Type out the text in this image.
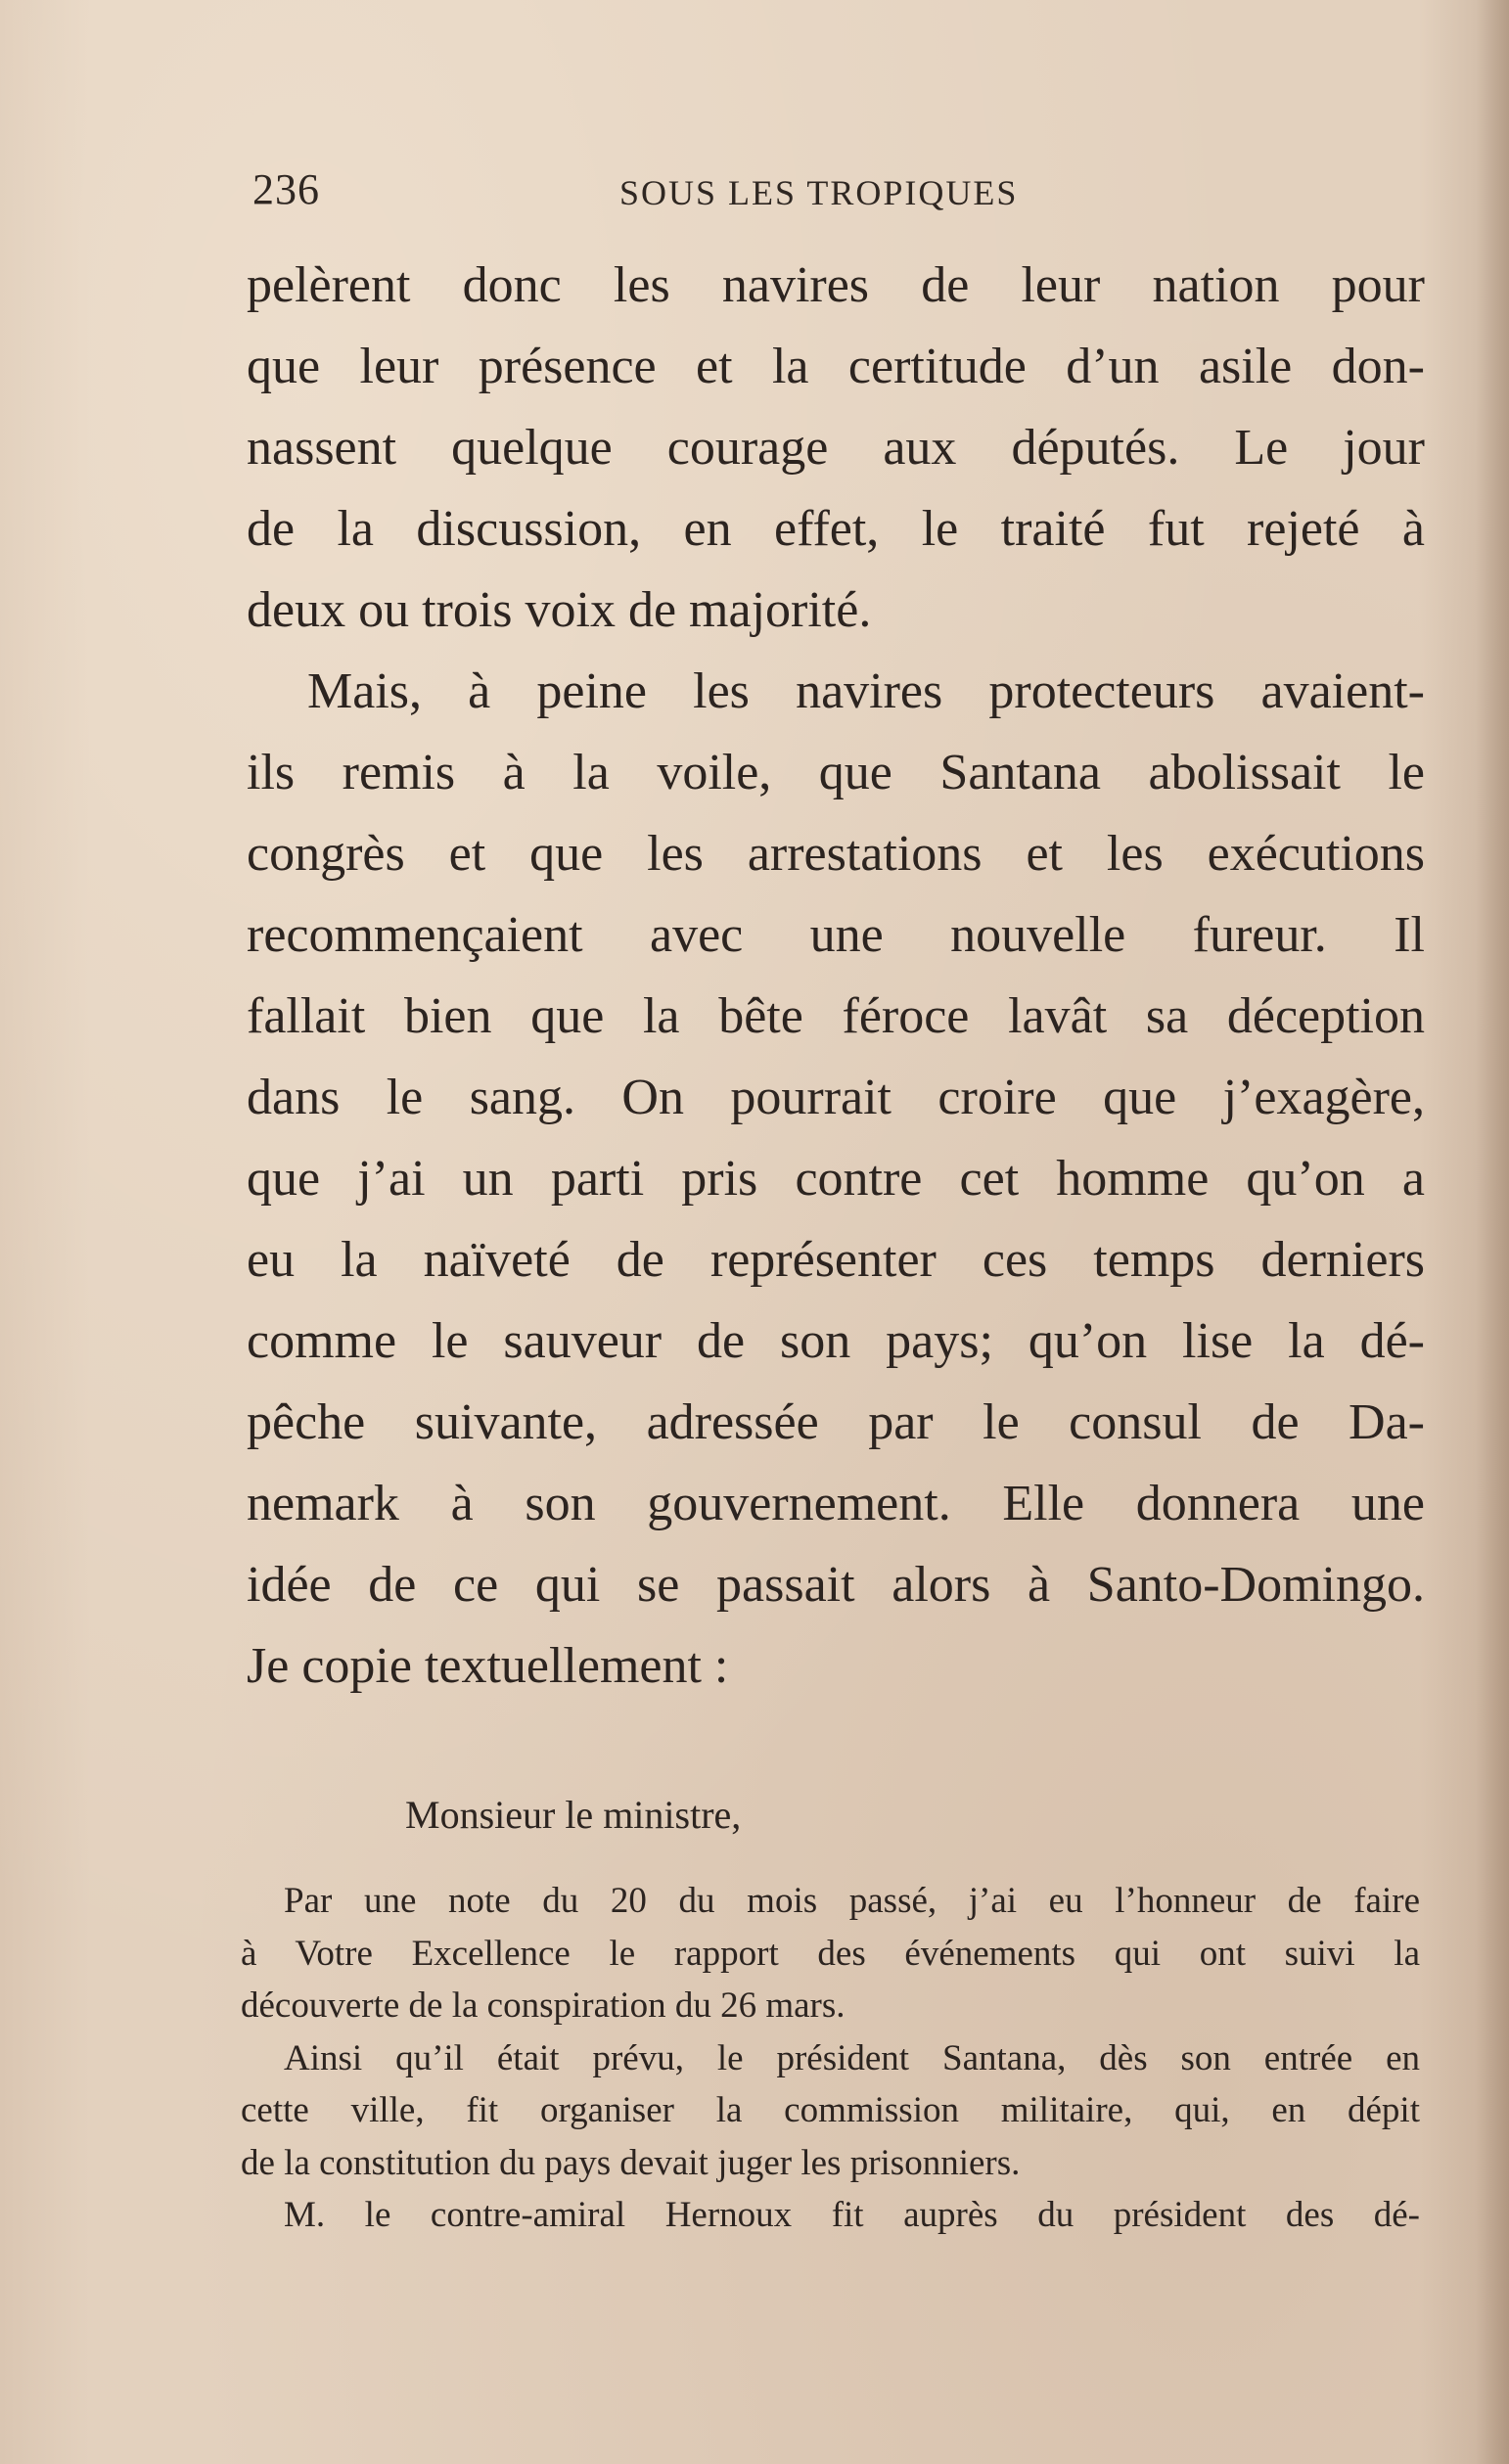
236	SOUS LES TROPIQUES
pelèrent donc les navires de leur nation pour
que leur présence et la certitude d’un asile don-
nassent quelque courage aux députés. Le jour
de la discussion, en effet, le traité fut rejeté à
deux ou trois voix de majorité.
Mais, à peine les navires protecteurs avaient-
ils remis à la voile, que Santana abolissait le
congrès et que les arrestations et les exécutions
recommençaient avec une nouvelle fureur. Il
fallait bien que la bête féroce lavât sa déception
dans le sang. On pourrait croire que j’exagère,
que j’ai un parti pris contre cet homme qu’on a
eu la naïveté de représenter ces temps derniers
comme le sauveur de son pays; qu’on lise la dé-
pêche suivante, adressée par le consul de Da-
nemark à son gouvernement. Elle donnera une
idée de ce qui se passait alors à Santo-Domingo.
Je copie textuellement :
Monsieur le ministre,
Par une note du 20 du mois passé, j’ai eu l’honneur de faire
à Votre Excellence le rapport des événements qui ont suivi la
découverte de la conspiration du 26 mars.
Ainsi qu’il était prévu, le président Santana, dès son entrée en
cette ville, fit organiser la commission militaire, qui, en dépit
de la constitution du pays devait juger les prisonniers.
M. le contre-amiral Hernoux fit auprès du président des dé-
